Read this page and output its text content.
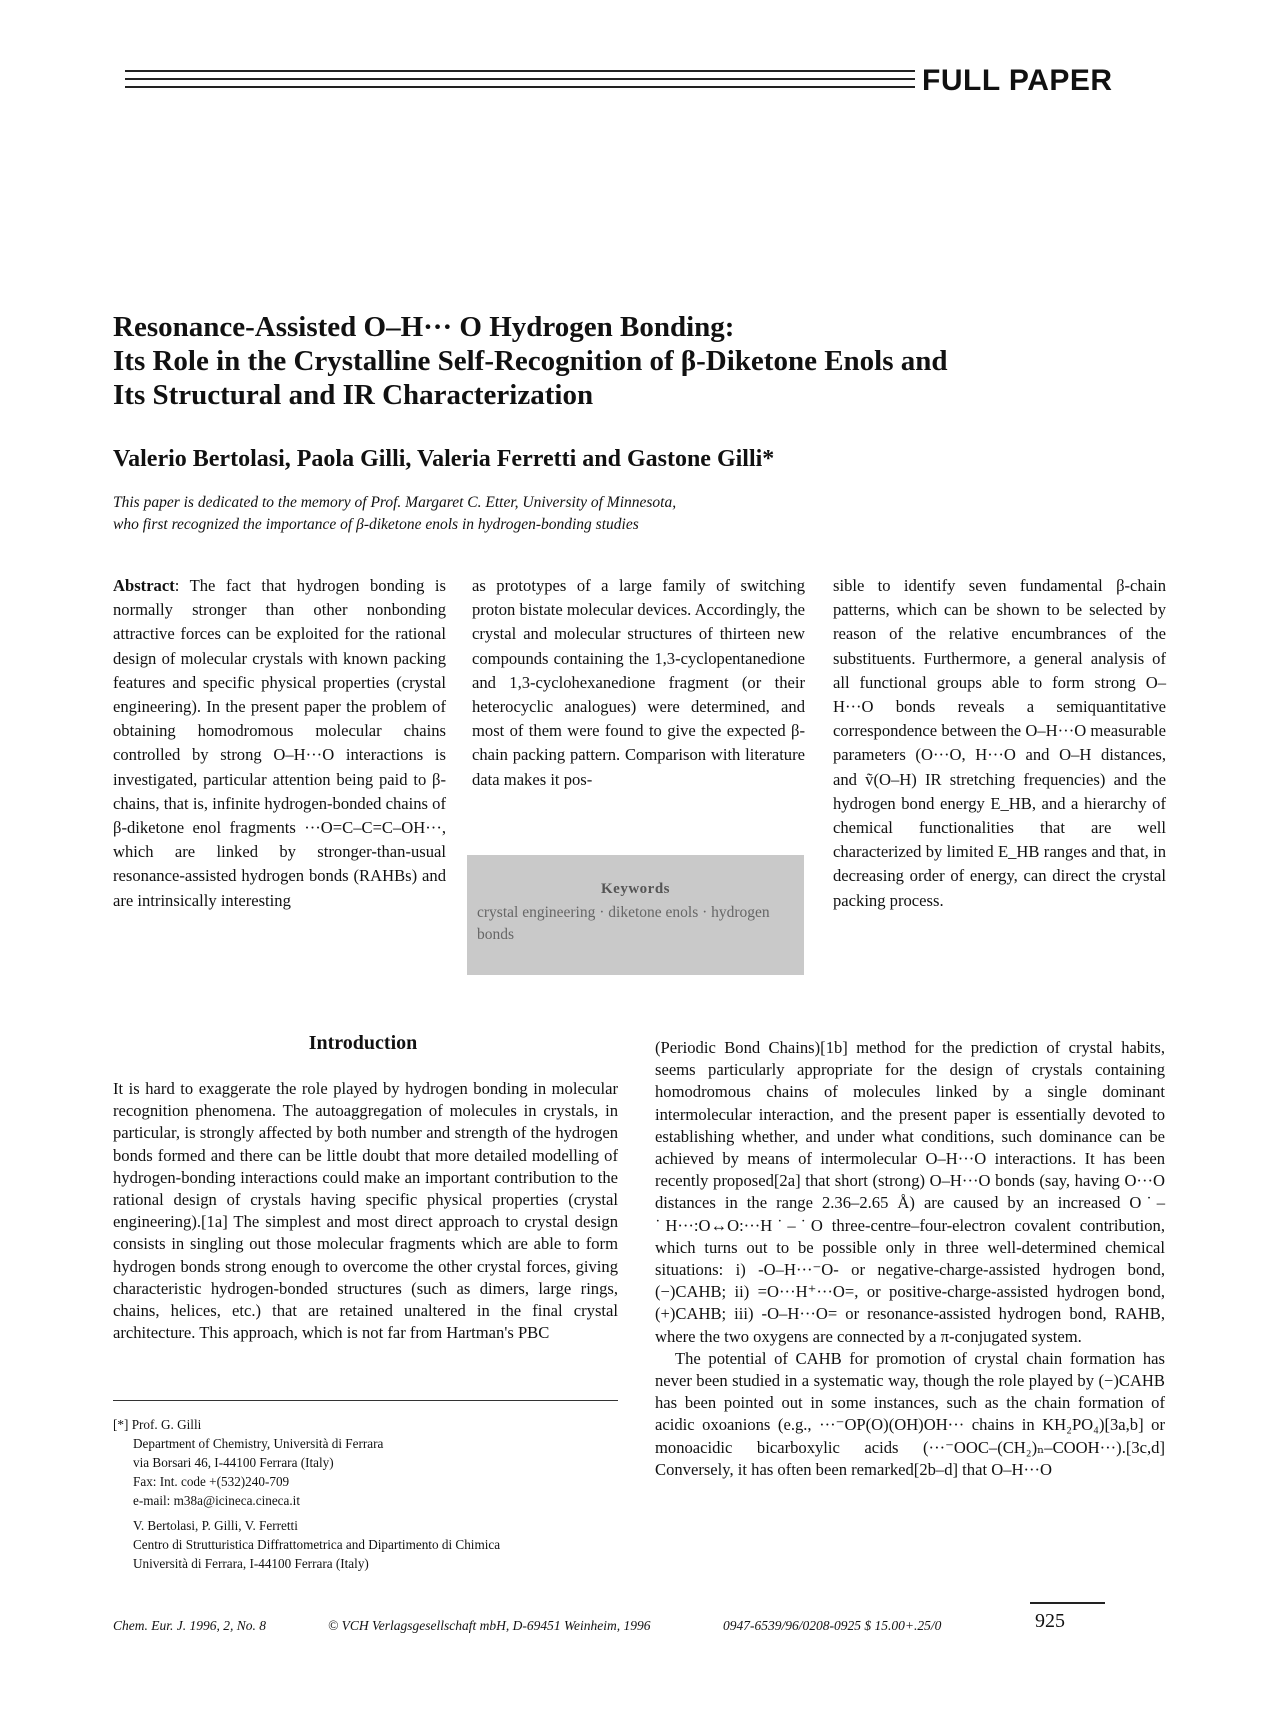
FULL PAPER
Resonance-Assisted O–H··· O Hydrogen Bonding:
Its Role in the Crystalline Self-Recognition of β-Diketone Enols and
Its Structural and IR Characterization
Valerio Bertolasi, Paola Gilli, Valeria Ferretti and Gastone Gilli*
This paper is dedicated to the memory of Prof. Margaret C. Etter, University of Minnesota,
who first recognized the importance of β-diketone enols in hydrogen-bonding studies
Abstract: The fact that hydrogen bonding is normally stronger than other nonbonding attractive forces can be exploited for the rational design of molecular crystals with known packing features and specific physical properties (crystal engineering). In the present paper the problem of obtaining homodromous molecular chains controlled by strong O–H···O interactions is investigated, particular attention being paid to β-chains, that is, infinite hydrogen-bonded chains of β-diketone enol fragments ···O=C–C=C–OH···, which are linked by stronger-than-usual resonance-assisted hydrogen bonds (RAHBs) and are intrinsically interesting
as prototypes of a large family of switching proton bistate molecular devices. Accordingly, the crystal and molecular structures of thirteen new compounds containing the 1,3-cyclopentanedione and 1,3-cyclohexanedione fragment (or their heterocyclic analogues) were determined, and most of them were found to give the expected β-chain packing pattern. Comparison with literature data makes it pos-
sible to identify seven fundamental β-chain patterns, which can be shown to be selected by reason of the relative encumbrances of the substituents. Furthermore, a general analysis of all functional groups able to form strong O–H···O bonds reveals a semiquantitative correspondence between the O–H···O measurable parameters (O···O, H···O and O–H distances, and ṽ(O–H) IR stretching frequencies) and the hydrogen bond energy E_HB, and a hierarchy of chemical functionalities that are well characterized by limited E_HB ranges and that, in decreasing order of energy, can direct the crystal packing process.
Keywords
crystal engineering · diketone enols · hydrogen bonds
Introduction
It is hard to exaggerate the role played by hydrogen bonding in molecular recognition phenomena. The autoaggregation of molecules in crystals, in particular, is strongly affected by both number and strength of the hydrogen bonds formed and there can be little doubt that more detailed modelling of hydrogen-bonding interactions could make an important contribution to the rational design of crystals having specific physical properties (crystal engineering).[1a] The simplest and most direct approach to crystal design consists in singling out those molecular fragments which are able to form hydrogen bonds strong enough to overcome the other crystal forces, giving characteristic hydrogen-bonded structures (such as dimers, large rings, chains, helices, etc.) that are retained unaltered in the final crystal architecture. This approach, which is not far from Hartman's PBC
(Periodic Bond Chains)[1b] method for the prediction of crystal habits, seems particularly appropriate for the design of crystals containing homodromous chains of molecules linked by a single dominant intermolecular interaction, and the present paper is essentially devoted to establishing whether, and under what conditions, such dominance can be achieved by means of intermolecular O–H···O interactions. It has been recently proposed[2a] that short (strong) O–H···O bonds (say, having O···O distances in the range 2.36–2.65 Å) are caused by an increased O˙–˙H···:O↔O:···H˙–˙O three-centre–four-electron covalent contribution, which turns out to be possible only in three well-determined chemical situations: i) -O–H···⁻O- or negative-charge-assisted hydrogen bond, (−)CAHB; ii) =O···H⁺···O=, or positive-charge-assisted hydrogen bond, (+)CAHB; iii) -O–H···O= or resonance-assisted hydrogen bond, RAHB, where the two oxygens are connected by a π-conjugated system.
The potential of CAHB for promotion of crystal chain formation has never been studied in a systematic way, though the role played by (−)CAHB has been pointed out in some instances, such as the chain formation of acidic oxoanions (e.g., ···⁻OP(O)(OH)OH··· chains in KH₂PO₄)[3a,b] or monoacidic bicarboxylic acids (···⁻OOC–(CH₂)ₙ–COOH···).[3c,d] Conversely, it has often been remarked[2b–d] that O–H···O
[*] Prof. G. Gilli
Department of Chemistry, Università di Ferrara
via Borsari 46, I-44100 Ferrara (Italy)
Fax: Int. code +(532)240-709
e-mail: m38a@icineca.cineca.it
V. Bertolasi, P. Gilli, V. Ferretti
Centro di Strutturistica Diffrattometrica and Dipartimento di Chimica
Università di Ferrara, I-44100 Ferrara (Italy)
Chem. Eur. J. 1996, 2, No. 8	© VCH Verlagsgesellschaft mbH, D-69451 Weinheim, 1996	0947-6539/96/0208-0925 $ 15.00+.25/0	925
